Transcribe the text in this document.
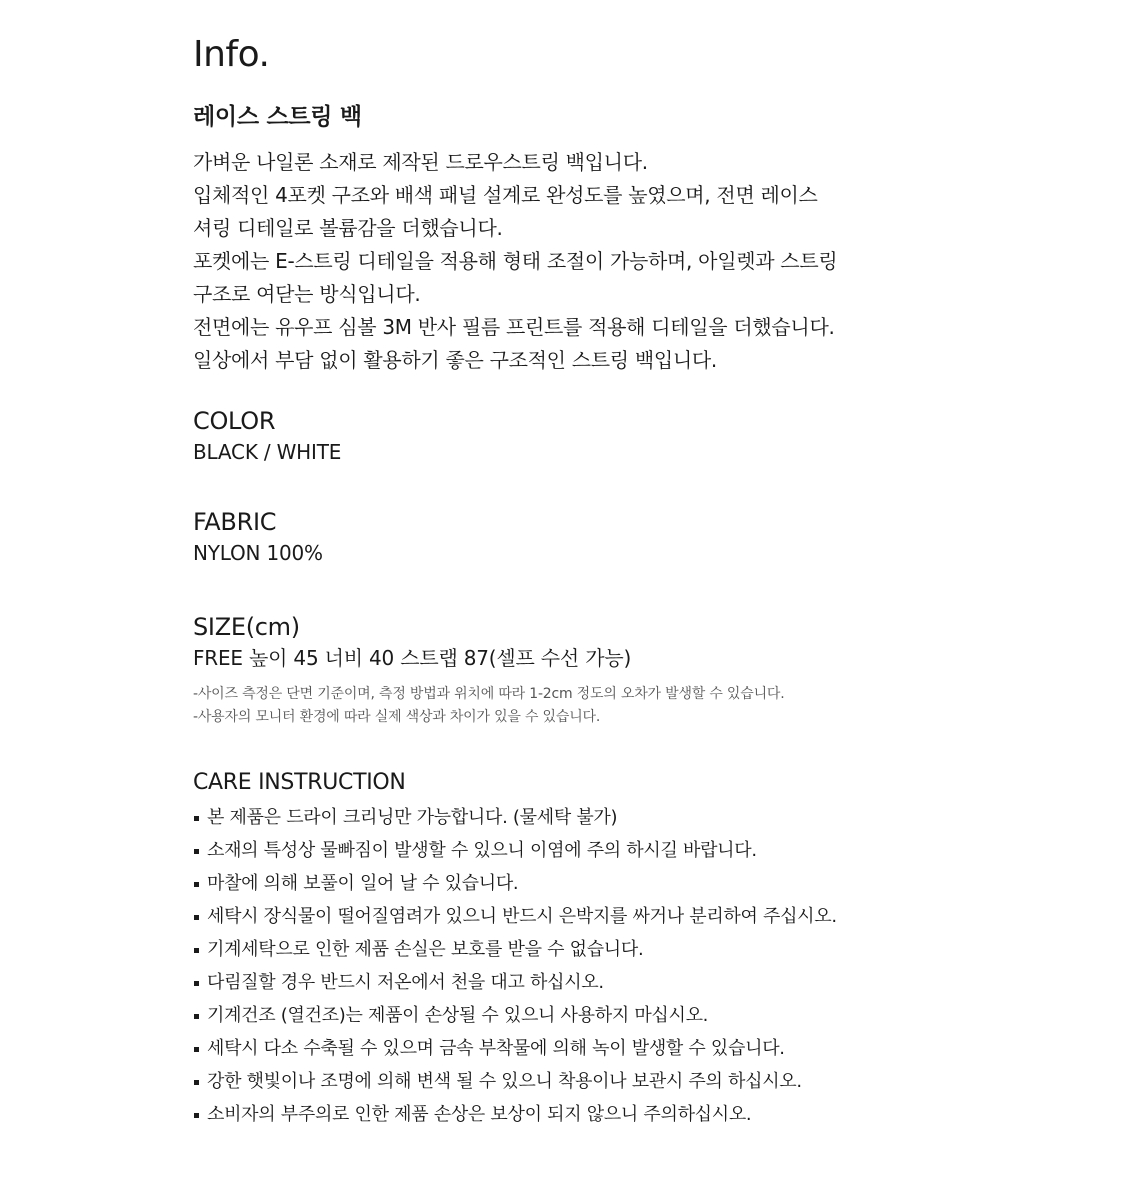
Info.
레이스 스트링 백
가벼운 나일론 소재로 제작된 드로우스트링 백입니다.
입체적인 4포켓 구조와 배색 패널 설계로 완성도를 높였으며, 전면 레이스
셔링 디테일로 볼륨감을 더했습니다.
포켓에는 E-스트링 디테일을 적용해 형태 조절이 가능하며, 아일렛과 스트링
구조로 여닫는 방식입니다.
전면에는 유우프 심볼 3M 반사 필름 프린트를 적용해 디테일을 더했습니다.
일상에서 부담 없이 활용하기 좋은 구조적인 스트링 백입니다.
COLOR
BLACK / WHITE
FABRIC
NYLON 100%
SIZE(cm)
FREE 높이 45 너비 40 스트랩 87(셀프 수선 가능)
-사이즈 측정은 단면 기준이며, 측정 방법과 위치에 따라 1-2cm 정도의 오차가 발생할 수 있습니다.
-사용자의 모니터 환경에 따라 실제 색상과 차이가 있을 수 있습니다.
CARE INSTRUCTION
본 제품은 드라이 크리닝만 가능합니다. (물세탁 불가)
소재의 특성상 물빠짐이 발생할 수 있으니 이염에 주의 하시길 바랍니다.
마찰에 의해 보풀이 일어 날 수 있습니다.
세탁시 장식물이 떨어질염려가 있으니 반드시 은박지를 싸거나 분리하여 주십시오.
기계세탁으로 인한 제품 손실은 보호를 받을 수 없습니다.
다림질할 경우 반드시 저온에서 천을 대고 하십시오.
기계건조 (열건조)는 제품이 손상될 수 있으니 사용하지 마십시오.
세탁시 다소 수축될 수 있으며 금속 부착물에 의해 녹이 발생할 수 있습니다.
강한 햇빛이나 조명에 의해 변색 될 수 있으니 착용이나 보관시 주의 하십시오.
소비자의 부주의로 인한 제품 손상은 보상이 되지 않으니 주의하십시오.
